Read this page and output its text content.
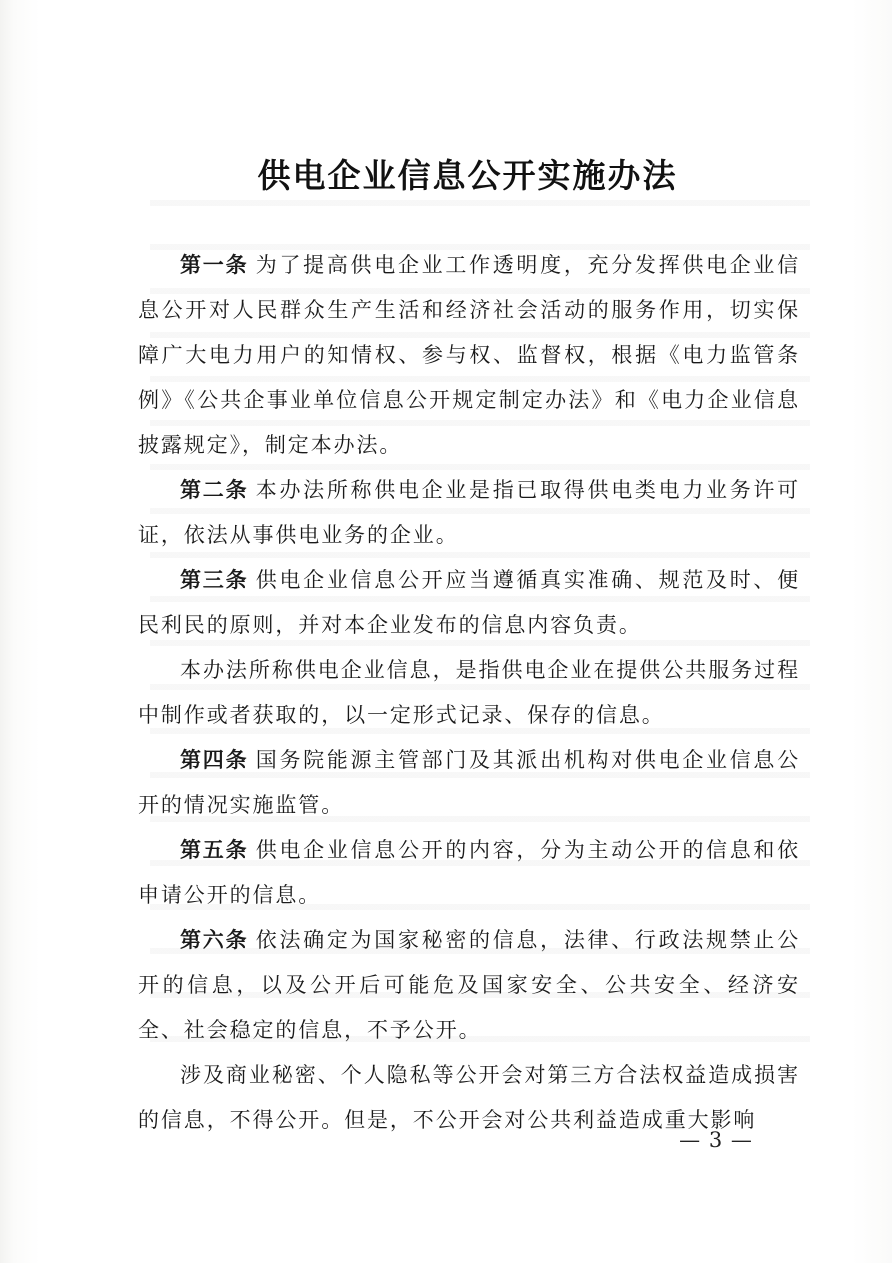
供电企业信息公开实施办法

第一条 为了提高供电企业工作透明度，充分发挥供电企业信息公开对人民群众生产生活和经济社会活动的服务作用，切实保障广大电力用户的知情权、参与权、监督权，根据《电力监管条例》《公共企事业单位信息公开规定制定办法》和《电力企业信息披露规定》，制定本办法。

第二条 本办法所称供电企业是指已取得供电类电力业务许可证，依法从事供电业务的企业。

第三条 供电企业信息公开应当遵循真实准确、规范及时、便民利民的原则，并对本企业发布的信息内容负责。

本办法所称供电企业信息，是指供电企业在提供公共服务过程中制作或者获取的，以一定形式记录、保存的信息。

第四条 国务院能源主管部门及其派出机构对供电企业信息公开的情况实施监管。

第五条 供电企业信息公开的内容，分为主动公开的信息和依申请公开的信息。

第六条 依法确定为国家秘密的信息，法律、行政法规禁止公开的信息，以及公开后可能危及国家安全、公共安全、经济安全、社会稳定的信息，不予公开。

涉及商业秘密、个人隐私等公开会对第三方合法权益造成损害的信息，不得公开。但是，不公开会对公共利益造成重大影响

— 3 —
